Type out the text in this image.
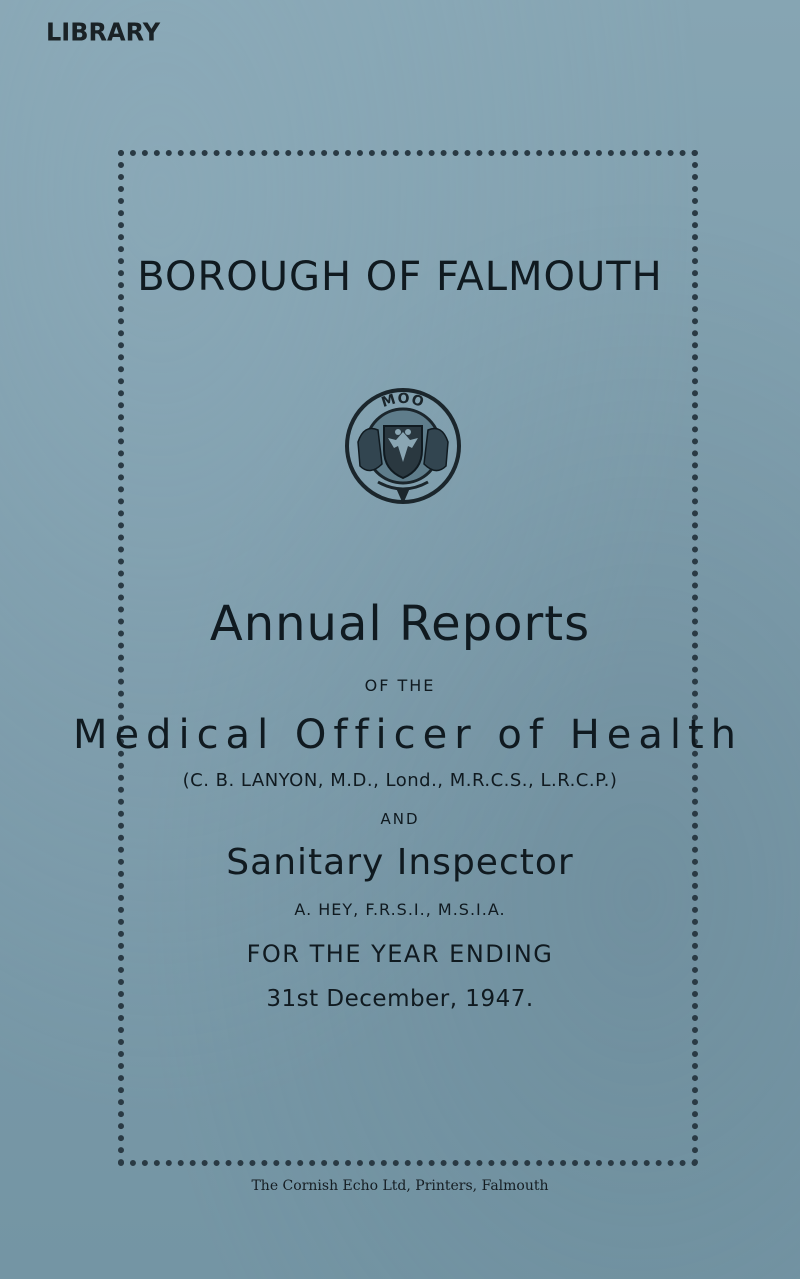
LIBRARY
BOROUGH OF FALMOUTH
MOO
Annual Reports
OF THE
Medical Officer of Health
(C. B. LANYON, M.D., Lond., M.R.C.S., L.R.C.P.)
AND
Sanitary Inspector
A. HEY, F.R.S.I., M.S.I.A.
FOR THE YEAR ENDING
31st December, 1947.
The Cornish Echo Ltd, Printers, Falmouth
